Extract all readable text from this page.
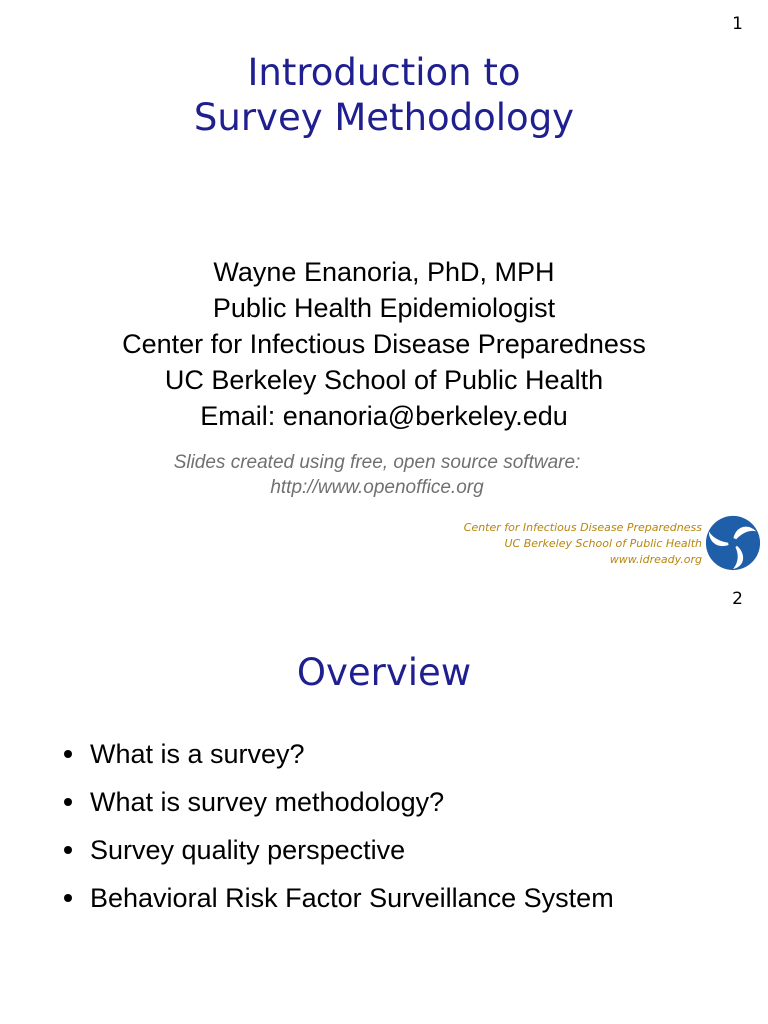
1
Introduction to
Survey Methodology
Wayne Enanoria, PhD, MPH
Public Health Epidemiologist
Center for Infectious Disease Preparedness
UC Berkeley School of Public Health
Email: enanoria@berkeley.edu
Slides created using free, open source software:
http://www.openoffice.org
Center for Infectious Disease Preparedness
UC Berkeley School of Public Health
www.idready.org
2
Overview
What is a survey?
What is survey methodology?
Survey quality perspective
Behavioral Risk Factor Surveillance System
